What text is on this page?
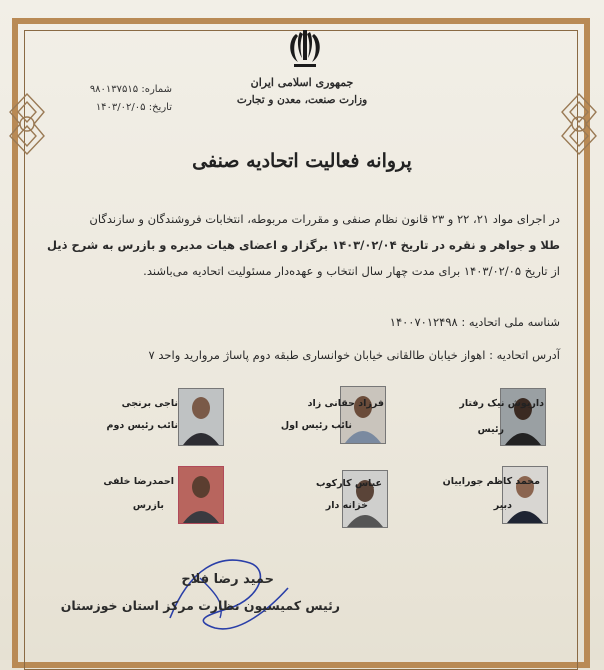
جمهوری اسلامی ایران
وزارت صنعت، معدن و تجارت
شماره: ۹۸۰۱۳۷۵۱۵
تاریخ: ۱۴۰۳/۰۲/۰۵
پروانه فعالیت اتحادیه صنفی
در اجرای مواد ۲۱، ۲۲ و ۲۳ قانون نظام صنفی و مقررات مربوطه، انتخابات فروشندگان و سازندگان
طلا و جواهر و نقره در تاریخ ۱۴۰۳/۰۲/۰۴ برگزار و اعضای هیات مدیره و بازرس به شرح ذیل
از تاریخ ۱۴۰۳/۰۲/۰۵ برای مدت چهار سال انتخاب و عهده‌دار مسئولیت اتحادیه می‌باشند.
شناسه ملی اتحادیه : ۱۴۰۰۷۰۱۲۴۹۸
آدرس اتحادیه : اهواز خیابان طالقانی خیابان خوانساری طبقه دوم پاساژ مروارید واحد ۷
داریوش نیک رفتار
رئیس
فرزاد حقانی زاد
نائب رئیس اول
ناجی برنجی
نائب رئیس دوم
محمد کاظم جوراییان
دبیر
عباس کارکوب
خزانه دار
احمدرضا خلفی
بازرس
حمید رضا فلاح
رئیس کمیسیون نظارت مرکز استان خوزستان
